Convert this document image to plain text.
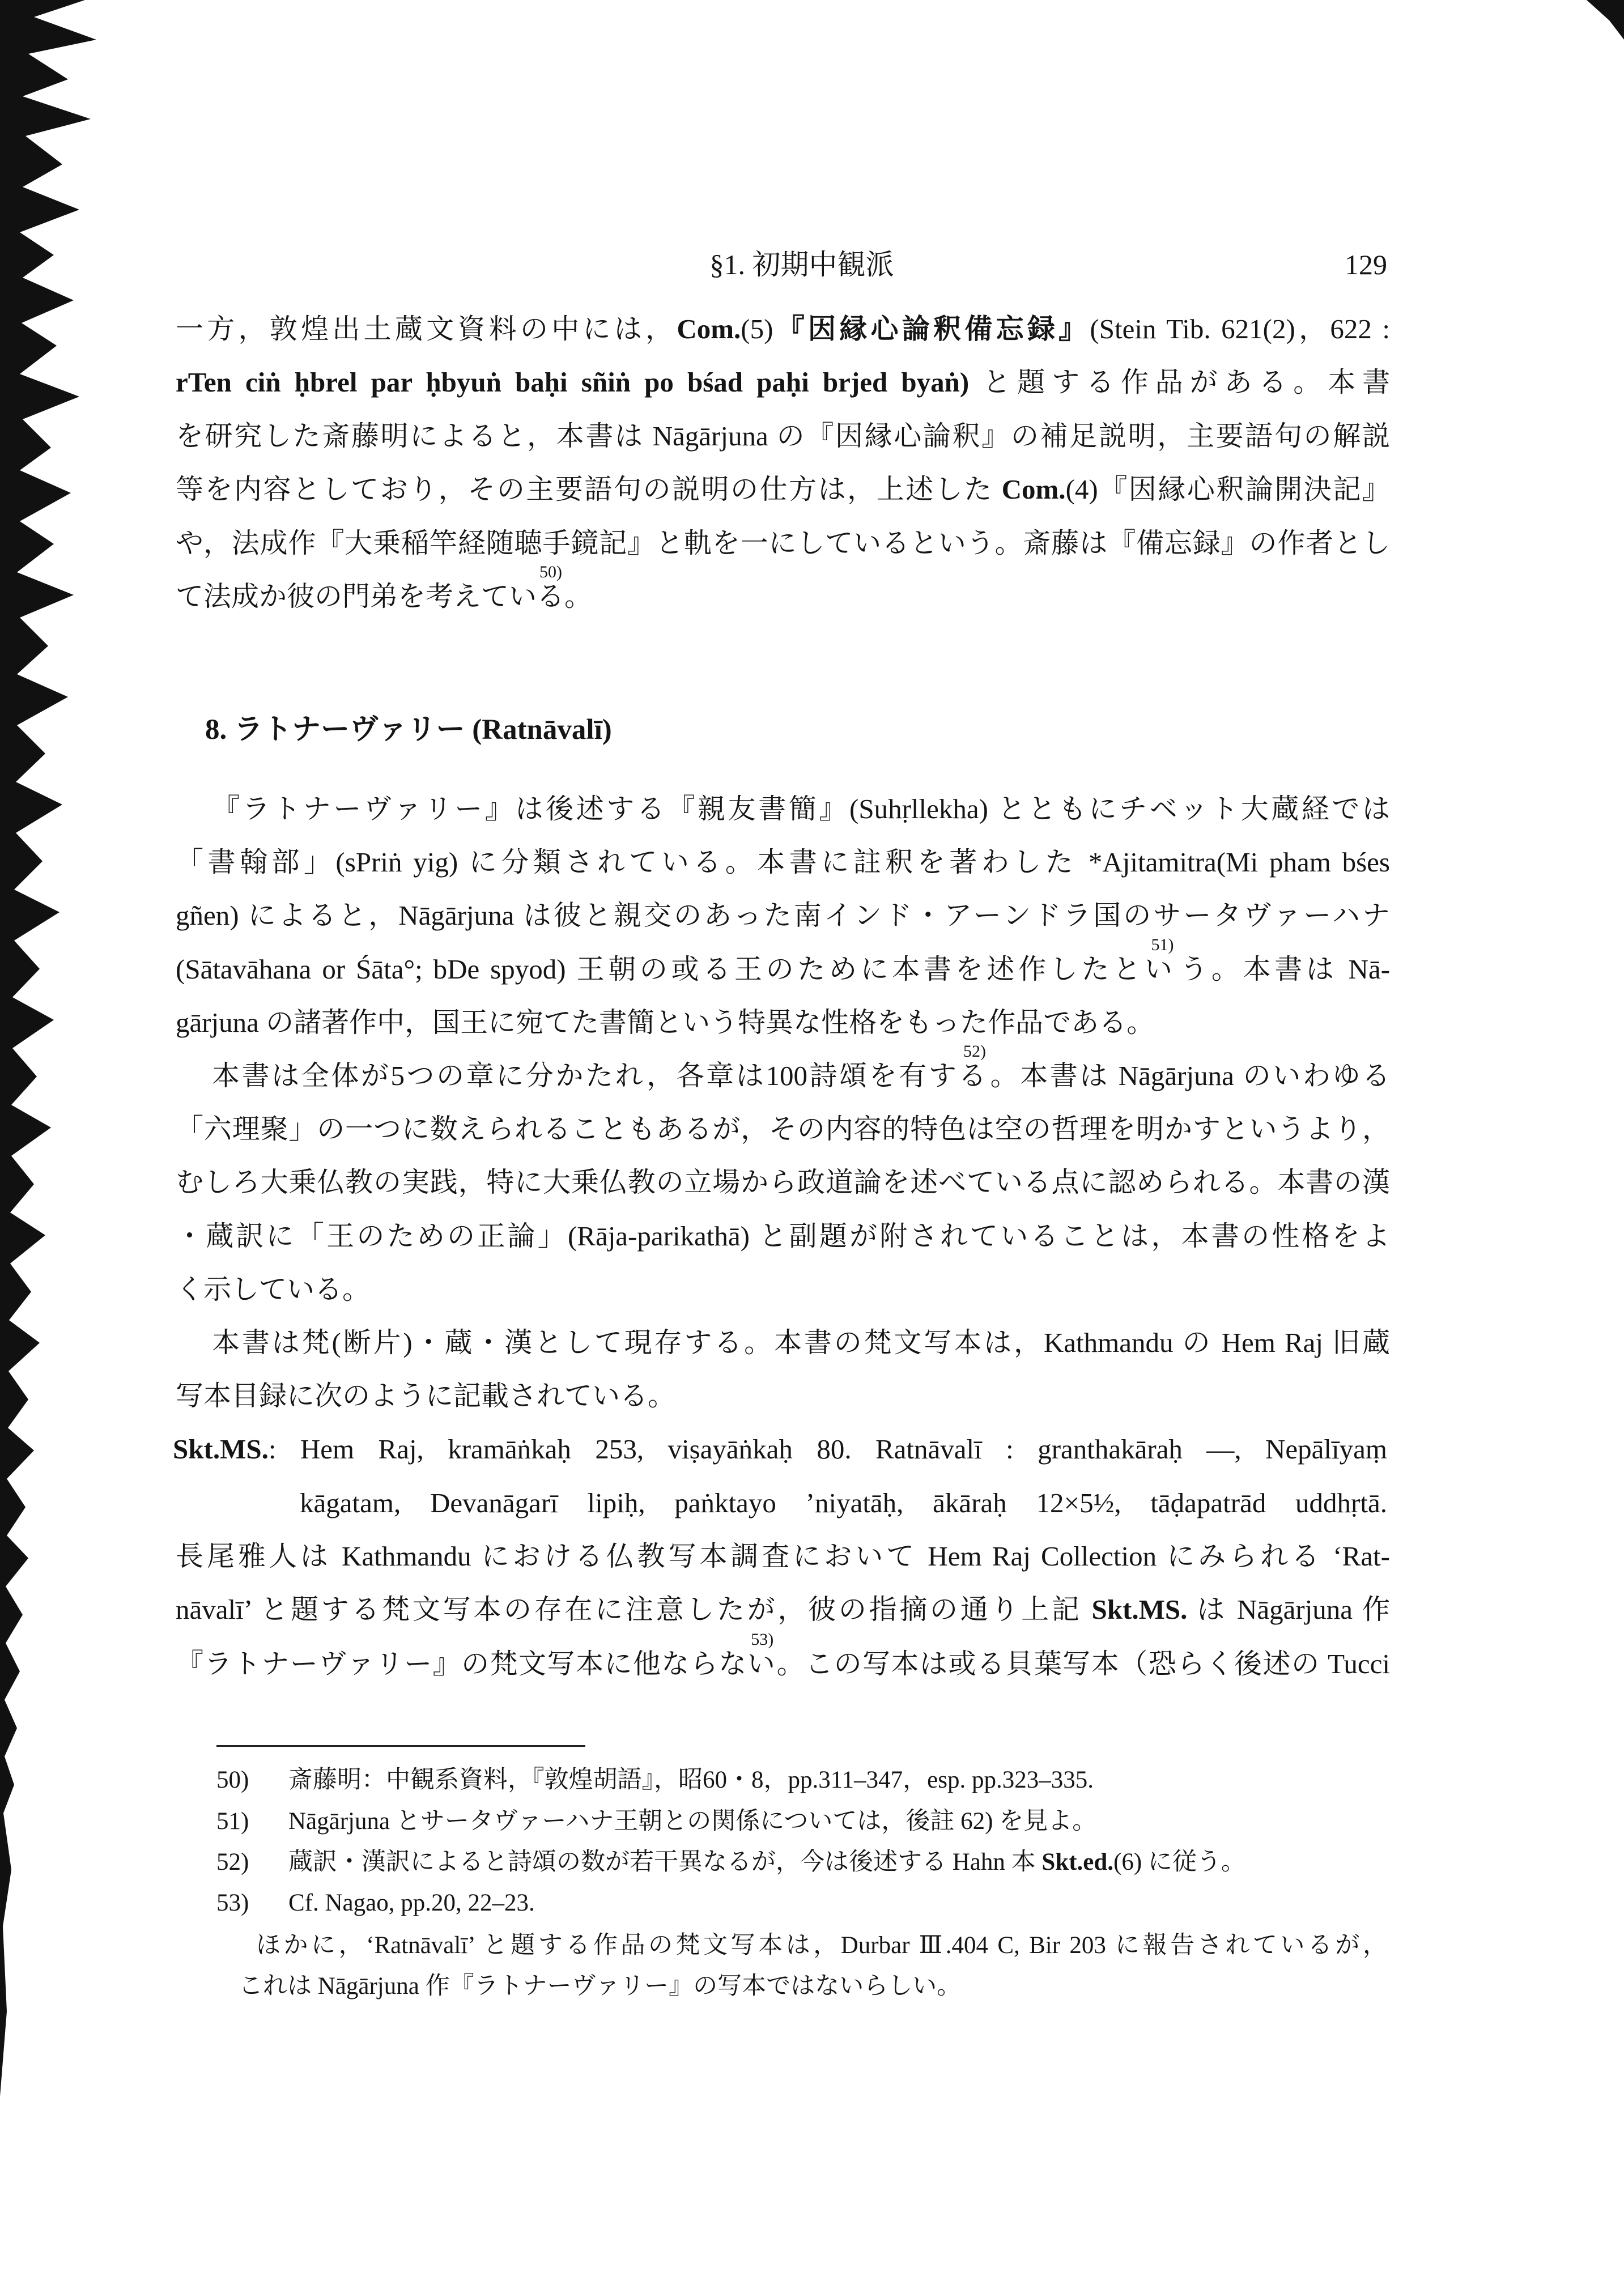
§1. 初期中観派	129
一方，敦煌出土蔵文資料の中には，Com.(5)『因縁心論釈備忘録』(Stein Tib. 621(2)，622 :
rTen ciṅ ḥbrel par ḥbyuṅ baḥi sñiṅ po bśad paḥi brjed byaṅ) と題する作品がある。本書
を研究した斎藤明によると，本書は Nāgārjuna の『因縁心論釈』の補足説明，主要語句の解説
等を内容としており，その主要語句の説明の仕方は，上述した Com.(4)『因縁心釈論開決記』
や，法成作『大乗稲竿経随聴手鏡記』と軌を一にしているという。斎藤は『備忘録』の作者とし
て法成か彼の門弟を考えている
50)
。
8. ラトナーヴァリー (Ratnāvalī)
『ラトナーヴァリー』は後述する『親友書簡』(Suhṛllekha) とともにチベット大蔵経では
「書翰部」(sPriṅ yig) に分類されている。本書に註釈を著わした *Ajitamitra(Mi pham bśes
gñen) によると，Nāgārjuna は彼と親交のあった南インド・アーンドラ国のサータヴァーハナ
(Sātavāhana or Śāta°; bDe spyod) 王朝の或る王のために本書を述作したとい
51)
う。本書は Nā-
gārjuna の諸著作中，国王に宛てた書簡という特異な性格をもった作品である。
本書は全体が5つの章に分かたれ，各章は100詩頌を有する
52)
。本書は Nāgārjuna のいわゆる
「六理聚」の一つに数えられることもあるが，その内容的特色は空の哲理を明かすというより，
むしろ大乗仏教の実践，特に大乗仏教の立場から政道論を述べている点に認められる。本書の漢
・蔵訳に「王のための正論」(Rāja-parikathā) と副題が附されていることは，本書の性格をよ
く示している。
本書は梵(断片)・蔵・漢として現存する。本書の梵文写本は，Kathmandu の Hem Raj 旧蔵
写本目録に次のように記載されている。
Skt.MS.: Hem Raj, kramāṅkaḥ 253, viṣayāṅkaḥ 80. Ratnāvalī : granthakāraḥ —, Nepālīyaṃ
kāgatam, Devanāgarī lipiḥ, paṅktayo ’niyatāḥ, ākāraḥ 12×5½, tāḍapatrād uddhṛtā.
長尾雅人は Kathmandu における仏教写本調査において Hem Raj Collection にみられる ‘Rat-
nāvalī’ と題する梵文写本の存在に注意したが，彼の指摘の通り上記 Skt.MS. は Nāgārjuna 作
『ラトナーヴァリー』の梵文写本に他ならない
53)
。この写本は或る貝葉写本（恐らく後述の Tucci
50) 斎藤明：中観系資料，『敦煌胡語』，昭60・8，pp.311–347，esp. pp.323–335.
51) Nāgārjuna とサータヴァーハナ王朝との関係については，後註 62) を見よ。
52) 蔵訳・漢訳によると詩頌の数が若干異なるが，今は後述する Hahn 本 Skt.ed.(6) に従う。
53) Cf. Nagao, pp.20, 22–23.
ほかに，‘Ratnāvalī’ と題する作品の梵文写本は，Durbar Ⅲ.404 C, Bir 203 に報告されているが，
これは Nāgārjuna 作『ラトナーヴァリー』の写本ではないらしい。
